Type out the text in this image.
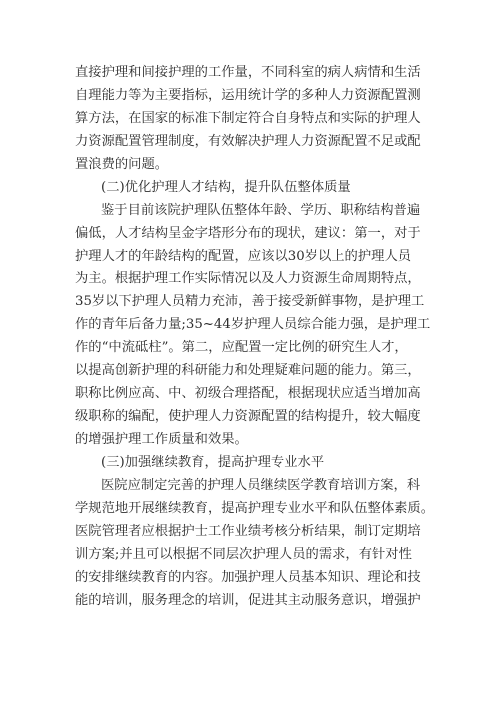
直接护理和间接护理的工作量，不同科室的病人病情和生活
自理能力等为主要指标，运用统计学的多种人力资源配置测
算方法，在国家的标准下制定符合自身特点和实际的护理人
力资源配置管理制度，有效解决护理人力资源配置不足或配
置浪费的问题。
(二)优化护理人才结构，提升队伍整体质量
鉴于目前该院护理队伍整体年龄、学历、职称结构普遍
偏低，人才结构呈金字塔形分布的现状，建议：第一，对于
护理人才的年龄结构的配置，应该以30岁以上的护理人员
为主。根据护理工作实际情况以及人力资源生命周期特点，
35岁以下护理人员精力充沛，善于接受新鲜事物，是护理工
作的青年后备力量;35~44岁护理人员综合能力强，是护理工
作的“中流砥柱”。第二，应配置一定比例的研究生人才，
以提高创新护理的科研能力和处理疑难问题的能力。第三，
职称比例应高、中、初级合理搭配，根据现状应适当增加高
级职称的编配，使护理人力资源配置的结构提升，较大幅度
的增强护理工作质量和效果。
(三)加强继续教育，提高护理专业水平
医院应制定完善的护理人员继续医学教育培训方案，科
学规范地开展继续教育，提高护理专业水平和队伍整体素质。
医院管理者应根据护士工作业绩考核分析结果，制订定期培
训方案;并且可以根据不同层次护理人员的需求，有针对性
的安排继续教育的内容。加强护理人员基本知识、理论和技
能的培训，服务理念的培训，促进其主动服务意识，增强护
